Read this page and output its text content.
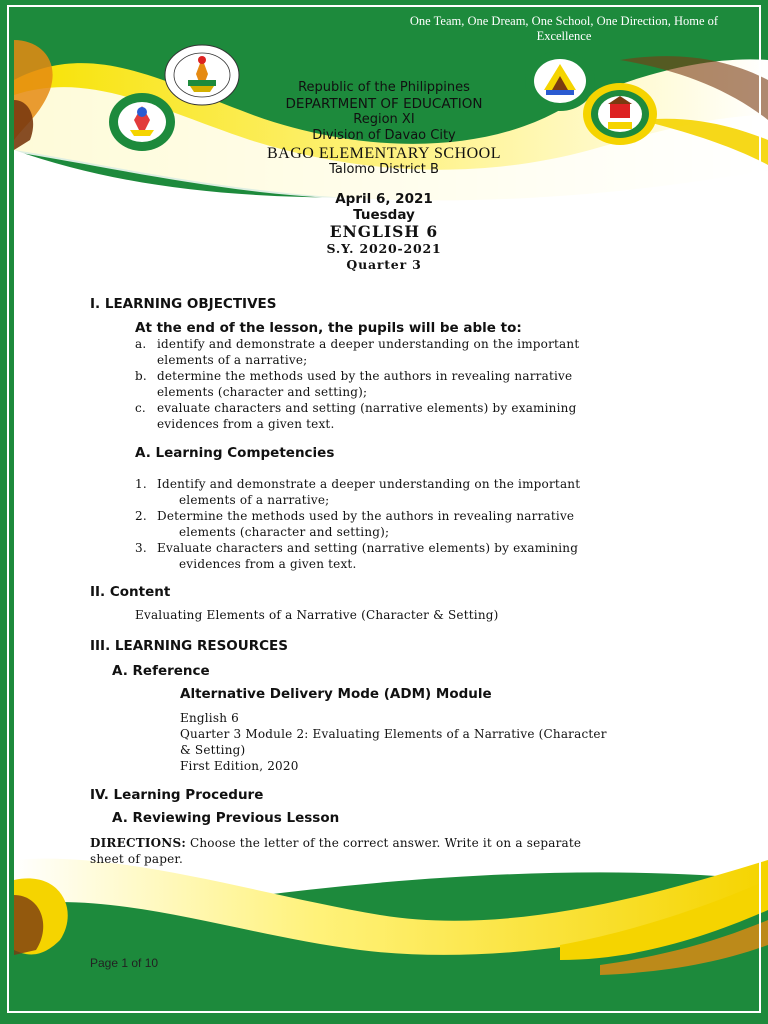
One Team, One Dream, One School, One Direction, Home of Excellence
Republic of the Philippines
DEPARTMENT OF EDUCATION
Region XI
Division of Davao City
BAGO ELEMENTARY SCHOOL
Talomo District B
April 6, 2021
Tuesday
ENGLISH 6
S.Y. 2020-2021
Quarter 3
I. LEARNING OBJECTIVES
At the end of the lesson, the pupils will be able to:
a. identify and demonstrate a deeper understanding on the important
elements of a narrative;
b. determine the methods used by the authors in revealing narrative
elements (character and setting);
c. evaluate characters and setting (narrative elements) by examining
evidences from a given text.
A. Learning Competencies
1. Identify and demonstrate a deeper understanding on the important
elements of a narrative;
2. Determine the methods used by the authors in revealing narrative
elements (character and setting);
3. Evaluate characters and setting (narrative elements) by examining
evidences from a given text.
II. Content
Evaluating Elements of a Narrative (Character & Setting)
III. LEARNING RESOURCES
A. Reference
Alternative Delivery Mode (ADM) Module
English 6
Quarter 3 Module 2: Evaluating Elements of a Narrative (Character
& Setting)
First Edition, 2020
IV. Learning Procedure
A. Reviewing Previous Lesson
DIRECTIONS: Choose the letter of the correct answer. Write it on a separate
sheet of paper.
Page 1 of 10
